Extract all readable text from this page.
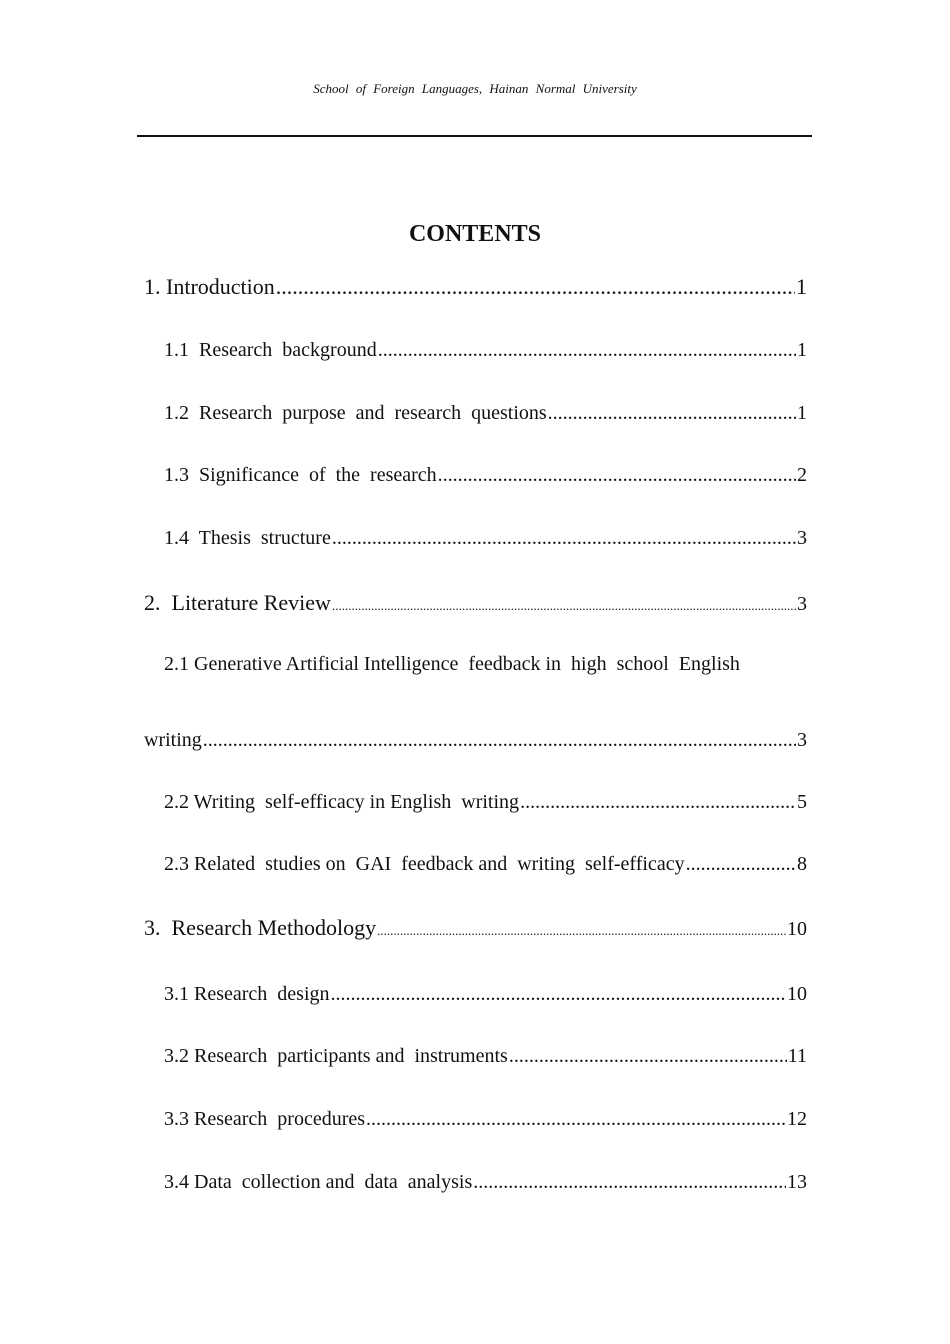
School of Foreign Languages, Hainan Normal University
CONTENTS
1. Introduction .....	1
1.1  Research  background .....	1
1.2  Research  purpose  and  research  questions .....	1
1.3  Significance  of  the  research .....	2
1.4  Thesis  structure .....	3
2.  Literature Review .....	3
2.1 Generative Artificial Intelligence  feedback in  high  school  English
writing .....	3
2.2 Writing  self-efficacy in English  writing .....	5
2.3 Related  studies on  GAI  feedback and  writing  self-efficacy .....	8
3.  Research Methodology .....	10
3.1 Research  design .....	10
3.2 Research  participants and  instruments .....	11
3.3 Research  procedures .....	12
3.4 Data  collection and  data  analysis .....	13
